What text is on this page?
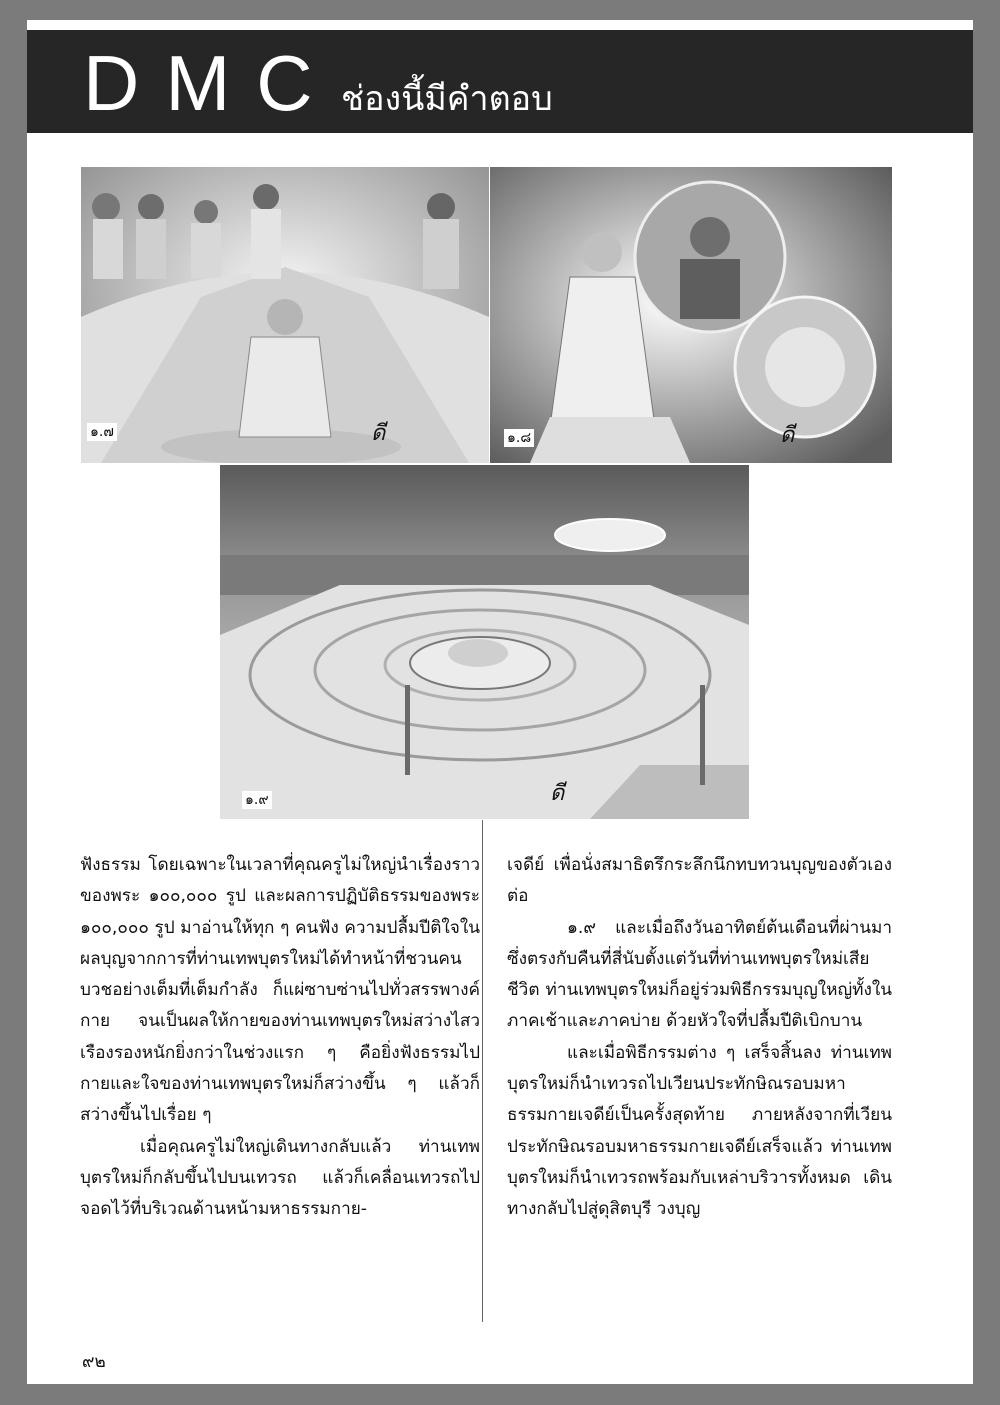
DMC ช่องนี้มีคำตอบ
๑.๗	ดี	๑.๘	ดี
๑.๙	ดี

ฟังธรรม โดยเฉพาะในเวลาที่คุณครูไม่ใหญ่นำเรื่องราวของพระ ๑๐๐,๐๐๐ รูป และผลการปฏิบัติธรรมของพระ ๑๐๐,๐๐๐ รูป มาอ่านให้ทุก ๆ คนฟัง ความปลื้มปีติใจในผลบุญจากการที่ท่านเทพบุตรใหม่ได้ทำหน้าที่ชวนคนบวชอย่างเต็มที่เต็มกำลัง ก็แผ่ซาบซ่านไปทั่วสรรพางค์กาย จนเป็นผลให้กายของท่านเทพบุตรใหม่สว่างไสวเรืองรองหนักยิ่งกว่าในช่วงแรก ๆ คือยิ่งฟังธรรมไป กายและใจของท่านเทพบุตรใหม่ก็สว่างขึ้น ๆ แล้วก็สว่างขึ้นไปเรื่อย ๆ

เมื่อคุณครูไม่ใหญ่เดินทางกลับแล้ว ท่านเทพบุตรใหม่ก็กลับขึ้นไปบนเทวรถ แล้วก็เคลื่อนเทวรถไปจอดไว้ที่บริเวณด้านหน้ามหาธรรมกาย-

เจดีย์ เพื่อนั่งสมาธิตรึกระลึกนึกทบทวนบุญของตัวเองต่อ

๑.๙ และเมื่อถึงวันอาทิตย์ต้นเดือนที่ผ่านมา ซึ่งตรงกับคืนที่สี่นับตั้งแต่วันที่ท่านเทพบุตรใหม่เสียชีวิต ท่านเทพบุตรใหม่ก็อยู่ร่วมพิธีกรรมบุญใหญ่ทั้งในภาคเช้าและภาคบ่าย ด้วยหัวใจที่ปลื้มปีติเบิกบาน

และเมื่อพิธีกรรมต่าง ๆ เสร็จสิ้นลง ท่านเทพบุตรใหม่ก็นำเทวรถไปเวียนประทักษิณรอบมหาธรรมกายเจดีย์เป็นครั้งสุดท้าย ภายหลังจากที่เวียนประทักษิณรอบมหาธรรมกายเจดีย์เสร็จแล้ว ท่านเทพบุตรใหม่ก็นำเทวรถพร้อมกับเหล่าบริวารทั้งหมด เดินทางกลับไปสู่ดุสิตบุรี วงบุญ

๙๒
